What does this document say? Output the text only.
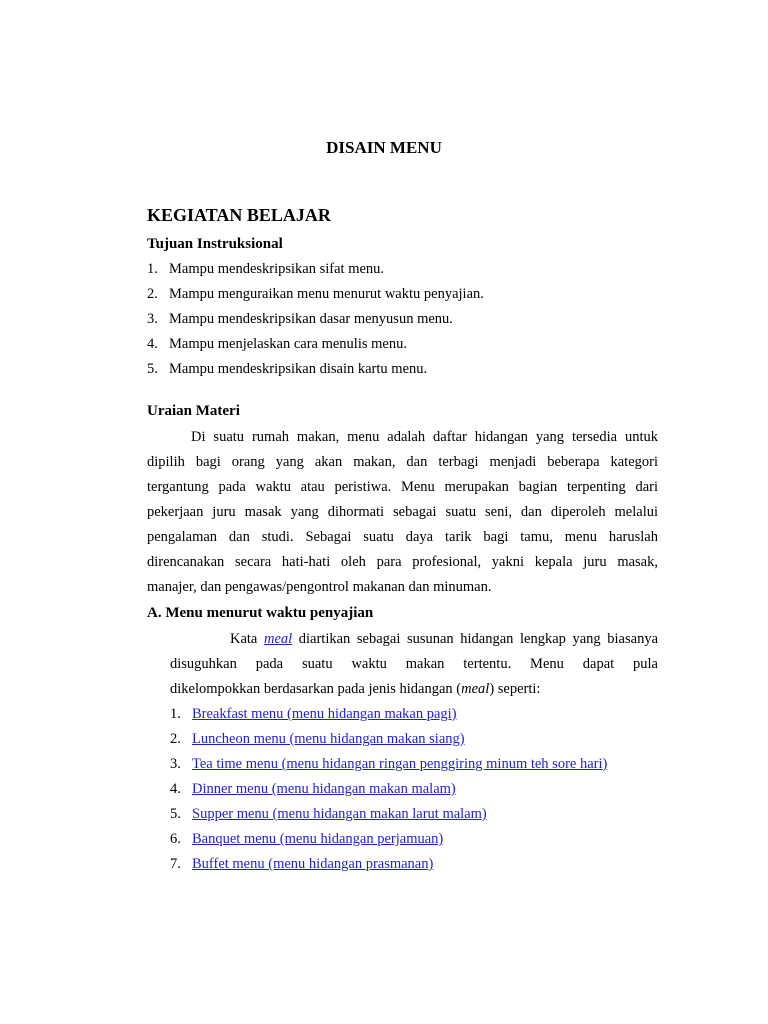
DISAIN MENU
KEGIATAN BELAJAR
Tujuan Instruksional
1. Mampu mendeskripsikan sifat menu.
2. Mampu menguraikan menu menurut waktu penyajian.
3. Mampu mendeskripsikan dasar menyusun menu.
4. Mampu menjelaskan cara menulis menu.
5. Mampu mendeskripsikan disain kartu menu.
Uraian Materi
Di suatu rumah makan, menu adalah daftar hidangan yang tersedia untuk
dipilih bagi orang yang akan makan, dan terbagi menjadi beberapa kategori
tergantung pada waktu atau peristiwa. Menu merupakan bagian terpenting dari
pekerjaan juru masak yang dihormati sebagai suatu seni, dan diperoleh melalui
pengalaman dan studi. Sebagai suatu daya tarik bagi tamu, menu haruslah
direncanakan secara hati-hati oleh para profesional, yakni kepala juru masak,
manajer, dan pengawas/pengontrol makanan dan minuman.
A. Menu menurut waktu penyajian
Kata meal diartikan sebagai susunan hidangan lengkap yang biasanya
disuguhkan pada suatu waktu makan tertentu. Menu dapat pula
dikelompokkan berdasarkan pada jenis hidangan (meal) seperti:
1. Breakfast menu (menu hidangan makan pagi)
2. Luncheon menu (menu hidangan makan siang)
3. Tea time menu (menu hidangan ringan penggiring minum teh sore hari)
4. Dinner menu (menu hidangan makan malam)
5. Supper menu (menu hidangan makan larut malam)
6. Banquet menu (menu hidangan perjamuan)
7. Buffet menu (menu hidangan prasmanan)
